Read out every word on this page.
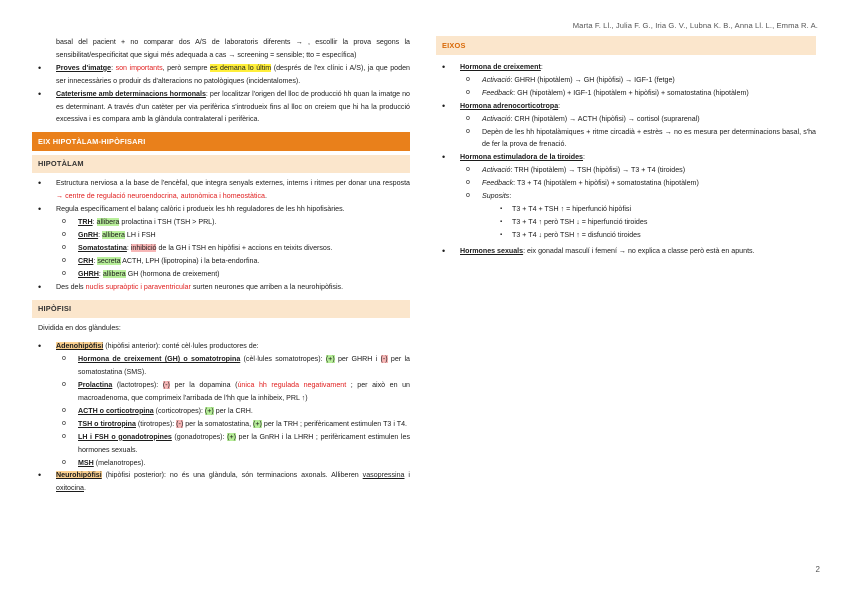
Marta F. Ll., Julia F. G., Iria G. V., Lubna K. B., Anna Ll. L., Emma R. A.

basal del pacient + no comparar dos A/S de laboratoris diferents → , escollir la prova segons la sensibilitat/especificitat que sigui més adequada a cas → screening = sensible; tto = específica)

• Proves d'imatge: son importants, però sempre es demana lo últim (després de l'ex clínic i A/S), ja que poden ser innecessàries o produir ds d'alteracions no patològiques (incidentalomes).
• Cateterisme amb determinacions hormonals: per localitzar l'origen del lloc de producció hh quan la imatge no es determinant. A través d'un catèter per via perifèrica s'introdueix fins al lloc on creiem que hi ha la producció excessiva i es compara amb la glàndula contralateral i perifèrica.
EIX HIPOTÀLAM-HIPÒFISARI
HIPOTÀLAM
• Estructura nerviosa a la base de l'encèfal, que integra senyals externes, interns i ritmes per donar una resposta → centre de regulació neuroendocrina, autonòmica i homeostàtica.
• Regula específicament el balanç calòric i produeix les hh reguladores de les hh hipofisàries.
o TRH: allibera prolactina i TSH (TSH > PRL).
o GnRH: allibera LH i FSH
o Somatostatina: inhibició de la GH i TSH en hipòfisi + accions en teixits diversos.
o CRH: secreta ACTH, LPH (lipotropina) i la beta-endorfina.
o GHRH: allibera GH (hormona de creixement)
• Des dels nuclis supraòptic i paraventricular surten neurones que arriben a la neurohipòfisis.
HIPÒFISI

Dividida en dos glàndules:

• Adenohipòfisi (hipòfisi anterior): conté cèl·lules productores de:
o Hormona de creixement (GH) o somatotropina (cèl·lules somatotropes): (+) per GHRH i (-) per la somatostatina (SMS).
o Prolactina (lactotropes): (-) per la dopamina (única hh regulada negativament ; per això en un macroadenoma, que comprimeix l'arribada de l'hh que la inhibeix, PRL ↑)
o ACTH o corticotropina (corticotropes): (+) per la CRH.
o TSH o tirotropina (tirotropes): (-) per la somatostatina, (+) per la TRH ; perifèricament estimulen T3 i T4.
o LH i FSH o gonadotropines (gonadotropes): (+) per la GnRH i la LHRH ; perifèricament estimulen les hormones sexuals.
o MSH (melanotropes).
• Neurohipòfisi (hipòfisi posterior): no és una glàndula, són terminacions axonals. Alliberen vasopressina i oxitocina.
EIXOS
• Hormona de creixement:
o Activació: GHRH (hipotàlem) → GH (hipòfisi) → IGF-1 (fetge)
o Feedback: GH (hipotàlem) + IGF-1 (hipotàlem + hipòfisi) + somatostatina (hipotàlem)
• Hormona adrenocorticotropa:
o Activació: CRH (hipotàlem) → ACTH (hipòfisi) → cortisol (suprarenal)
o Depèn de les hh hipotalàmiques + ritme circadià + estrès → no es mesura per determinacions basal, s'ha de fer la prova de frenació.
• Hormona estimuladora de la tiroides:
o Activació: TRH (hipotàlem) → TSH (hipòfisi) → T3 + T4 (tiroides)
o Feedback: T3 + T4 (hipotàlem + hipòfisi) + somatostatina (hipotàlem)
o Suposits:
▪ T3 + T4 + TSH ↑ = hiperfunció hipòfisi
▪ T3 + T4 ↑ però TSH ↓ = hiperfunció tiroides
▪ T3 + T4 ↓ però TSH ↑ = disfunció tiroides
• Hormones sexuals: eix gonadal masculí i femení → no explica a classe però està en apunts.
2
